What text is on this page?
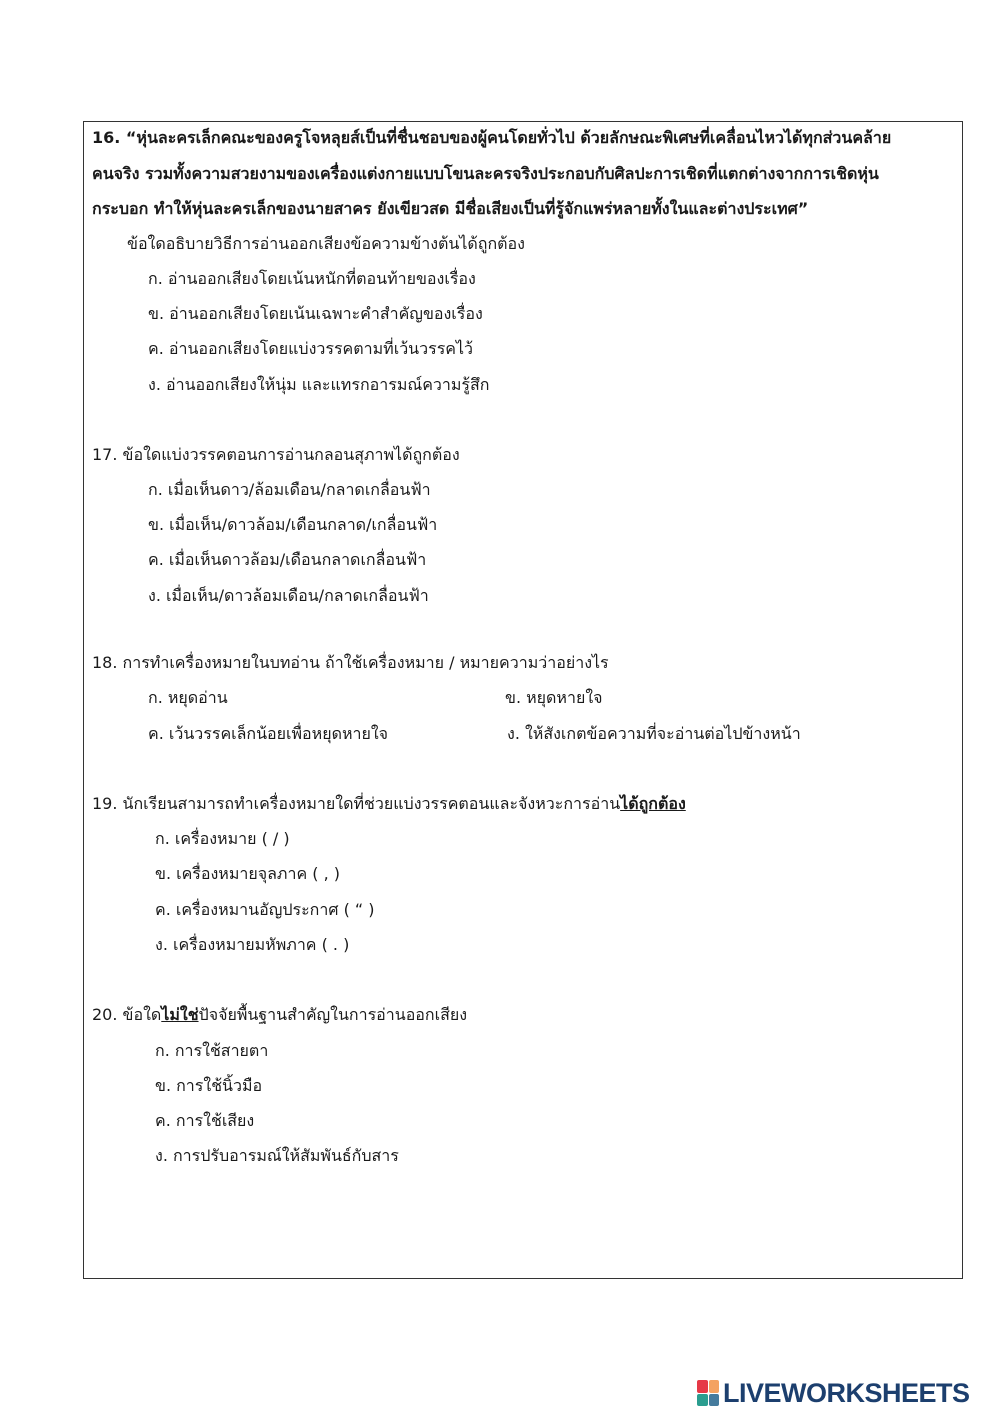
16. “หุ่นละครเล็กคณะของครูโจหลุยส์เป็นที่ชื่นชอบของผู้คนโดยทั่วไป ด้วยลักษณะพิเศษที่เคลื่อนไหวได้ทุกส่วนคล้าย
คนจริง รวมทั้งความสวยงามของเครื่องแต่งกายแบบโขนละครจริงประกอบกับศิลปะการเชิดที่แตกต่างจากการเชิดหุ่น
กระบอก ทำให้หุ่นละครเล็กของนายสาคร ยังเขียวสด มีชื่อเสียงเป็นที่รู้จักแพร่หลายทั้งในและต่างประเทศ”
ข้อใดอธิบายวิธีการอ่านออกเสียงข้อความข้างต้นได้ถูกต้อง
ก. อ่านออกเสียงโดยเน้นหนักที่ตอนท้ายของเรื่อง
ข. อ่านออกเสียงโดยเน้นเฉพาะคำสำคัญของเรื่อง
ค. อ่านออกเสียงโดยแบ่งวรรคตามที่เว้นวรรคไว้
ง. อ่านออกเสียงให้นุ่ม และแทรกอารมณ์ความรู้สึก
17. ข้อใดแบ่งวรรคตอนการอ่านกลอนสุภาพได้ถูกต้อง
ก. เมื่อเห็นดาว/ล้อมเดือน/กลาดเกลื่อนฟ้า
ข. เมื่อเห็น/ดาวล้อม/เดือนกลาด/เกลื่อนฟ้า
ค. เมื่อเห็นดาวล้อม/เดือนกลาดเกลื่อนฟ้า
ง. เมื่อเห็น/ดาวล้อมเดือน/กลาดเกลื่อนฟ้า
18. การทำเครื่องหมายในบทอ่าน ถ้าใช้เครื่องหมาย / หมายความว่าอย่างไร
ก. หยุดอ่าน	ข. หยุดหายใจ
ค. เว้นวรรคเล็กน้อยเพื่อหยุดหายใจ	ง. ให้สังเกตข้อความที่จะอ่านต่อไปข้างหน้า
19. นักเรียนสามารถทำเครื่องหมายใดที่ช่วยแบ่งวรรคตอนและจังหวะการอ่านได้ถูกต้อง
ก. เครื่องหมาย ( / )
ข. เครื่องหมายจุลภาค ( , )
ค. เครื่องหมานอัญประกาศ ( “ )
ง. เครื่องหมายมหัพภาค ( . )
20. ข้อใดไม่ใช่ปัจจัยพื้นฐานสำคัญในการอ่านออกเสียง
ก. การใช้สายตา
ข. การใช้นิ้วมือ
ค. การใช้เสียง
ง. การปรับอารมณ์ให้สัมพันธ์กับสาร
LIVEWORKSHEETS
